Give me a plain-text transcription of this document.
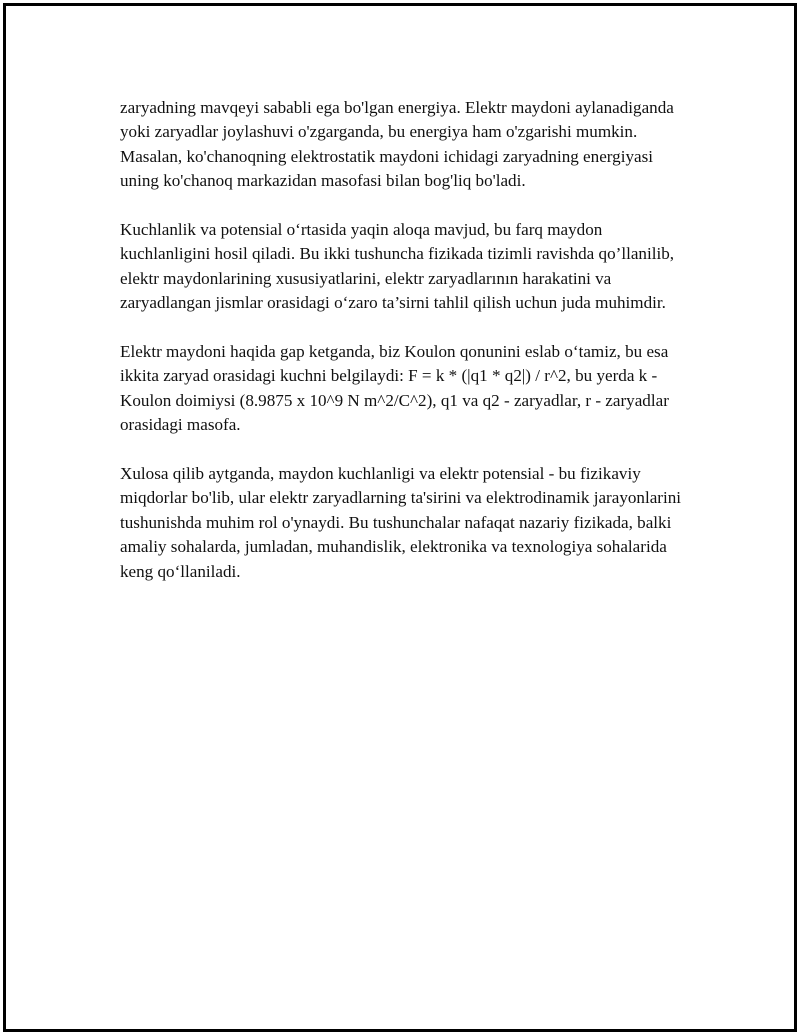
zaryadning mavqeyi sababli ega bo'lgan energiya. Elektr maydoni aylanadiganda yoki zaryadlar joylashuvi o'zgarganda, bu energiya ham o'zgarishi mumkin. Masalan, ko'chanoqning elektrostatik maydoni ichidagi zaryadning energiyasi uning ko'chanoq markazidan masofasi bilan bog'liq bo'ladi.

Kuchlanlik va potensial o‘rtasida yaqin aloqa mavjud, bu farq maydon kuchlanligini hosil qiladi. Bu ikki tushuncha fizikada tizimli ravishda qo’llanilib, elektr maydonlarining xususiyatlarini, elektr zaryadlarının harakatini va zaryadlangan jismlar orasidagi o‘zaro ta’sirni tahlil qilish uchun juda muhimdir.

Elektr maydoni haqida gap ketganda, biz Koulon qonunini eslab o‘tamiz, bu esa ikkita zaryad orasidagi kuchni belgilaydi: F = k * (|q1 * q2|) / r^2, bu yerda k - Koulon doimiysi (8.9875 x 10^9 N m^2/C^2), q1 va q2 - zaryadlar, r - zaryadlar orasidagi masofa.

Xulosa qilib aytganda, maydon kuchlanligi va elektr potensial - bu fizikaviy miqdorlar bo'lib, ular elektr zaryadlarning ta'sirini va elektrodinamik jarayonlarini tushunishda muhim rol o'ynaydi. Bu tushunchalar nafaqat nazariy fizikada, balki amaliy sohalarda, jumladan, muhandislik, elektronika va texnologiya sohalarida keng qo‘llaniladi.
